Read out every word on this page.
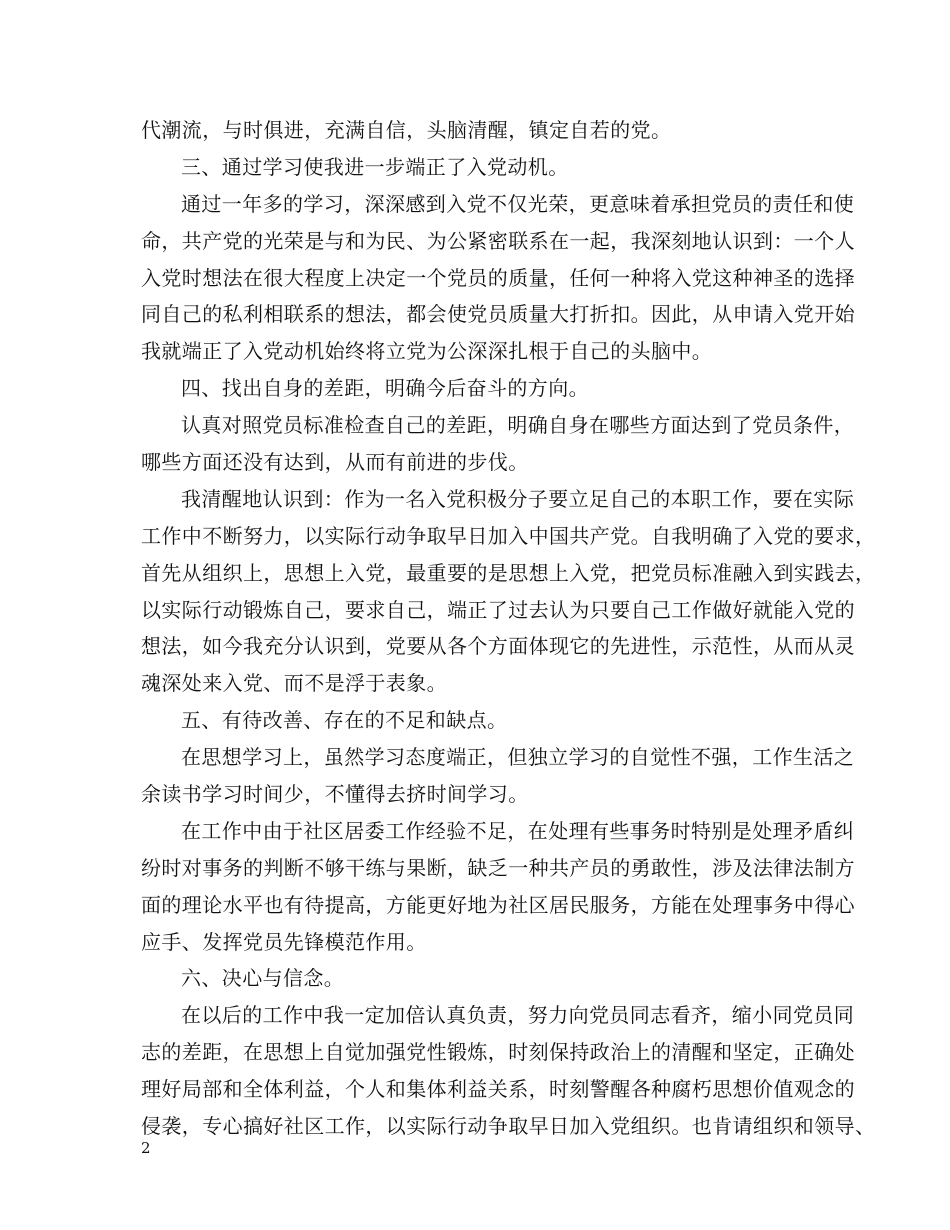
代潮流，与时俱进，充满自信，头脑清醒，镇定自若的党。
三、通过学习使我进一步端正了入党动机。
通过一年多的学习，深深感到入党不仅光荣，更意味着承担党员的责任和使
命，共产党的光荣是与和为民、为公紧密联系在一起，我深刻地认识到：一个人
入党时想法在很大程度上决定一个党员的质量，任何一种将入党这种神圣的选择
同自己的私利相联系的想法，都会使党员质量大打折扣。因此，从申请入党开始
我就端正了入党动机始终将立党为公深深扎根于自己的头脑中。
四、找出自身的差距，明确今后奋斗的方向。
认真对照党员标准检查自己的差距，明确自身在哪些方面达到了党员条件，
哪些方面还没有达到，从而有前进的步伐。
我清醒地认识到：作为一名入党积极分子要立足自己的本职工作，要在实际
工作中不断努力，以实际行动争取早日加入中国共产党。自我明确了入党的要求，
首先从组织上，思想上入党，最重要的是思想上入党，把党员标准融入到实践去，
以实际行动锻炼自己，要求自己，端正了过去认为只要自己工作做好就能入党的
想法，如今我充分认识到，党要从各个方面体现它的先进性，示范性，从而从灵
魂深处来入党、而不是浮于表象。
五、有待改善、存在的不足和缺点。
在思想学习上，虽然学习态度端正，但独立学习的自觉性不强，工作生活之
余读书学习时间少，不懂得去挤时间学习。
在工作中由于社区居委工作经验不足，在处理有些事务时特别是处理矛盾纠
纷时对事务的判断不够干练与果断，缺乏一种共产员的勇敢性，涉及法律法制方
面的理论水平也有待提高，方能更好地为社区居民服务，方能在处理事务中得心
应手、发挥党员先锋模范作用。
六、决心与信念。
在以后的工作中我一定加倍认真负责，努力向党员同志看齐，缩小同党员同
志的差距，在思想上自觉加强党性锻炼，时刻保持政治上的清醒和坚定，正确处
理好局部和全体利益，个人和集体利益关系，时刻警醒各种腐朽思想价值观念的
侵袭，专心搞好社区工作，以实际行动争取早日加入党组织。也肯请组织和领导、
2
